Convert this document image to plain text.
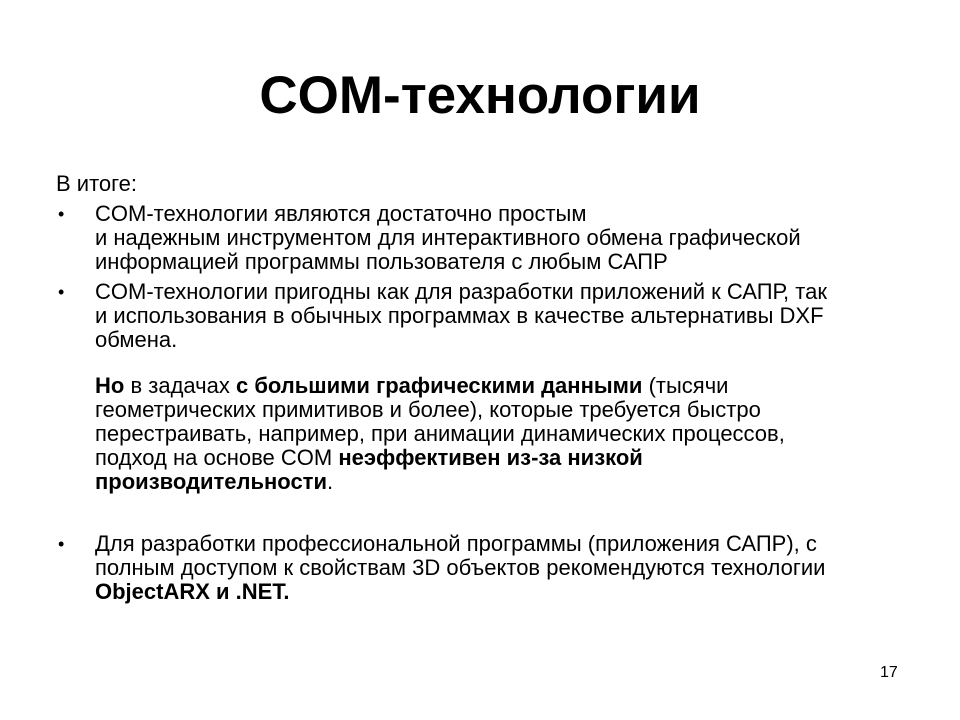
COM-технологии

В итоге:

• COM-технологии являются достаточно простым
и надежным инструментом для интерактивного обмена графической
информацией программы пользователя с любым САПР
• COM-технологии пригодны как для разработки приложений к САПР, так
и использования в обычных программах в качестве альтернативы DXF
обмена.
Но в задачах с большими графическими данными (тысячи
геометрических примитивов и более), которые требуется быстро
перестраивать, например, при анимации динамических процессов,
подход на основе COM неэффективен из-за низкой
производительности.
• Для разработки профессиональной программы (приложения САПР), с
полным доступом к свойствам 3D объектов рекомендуются технологии
ObjectARX и .NET.
17
